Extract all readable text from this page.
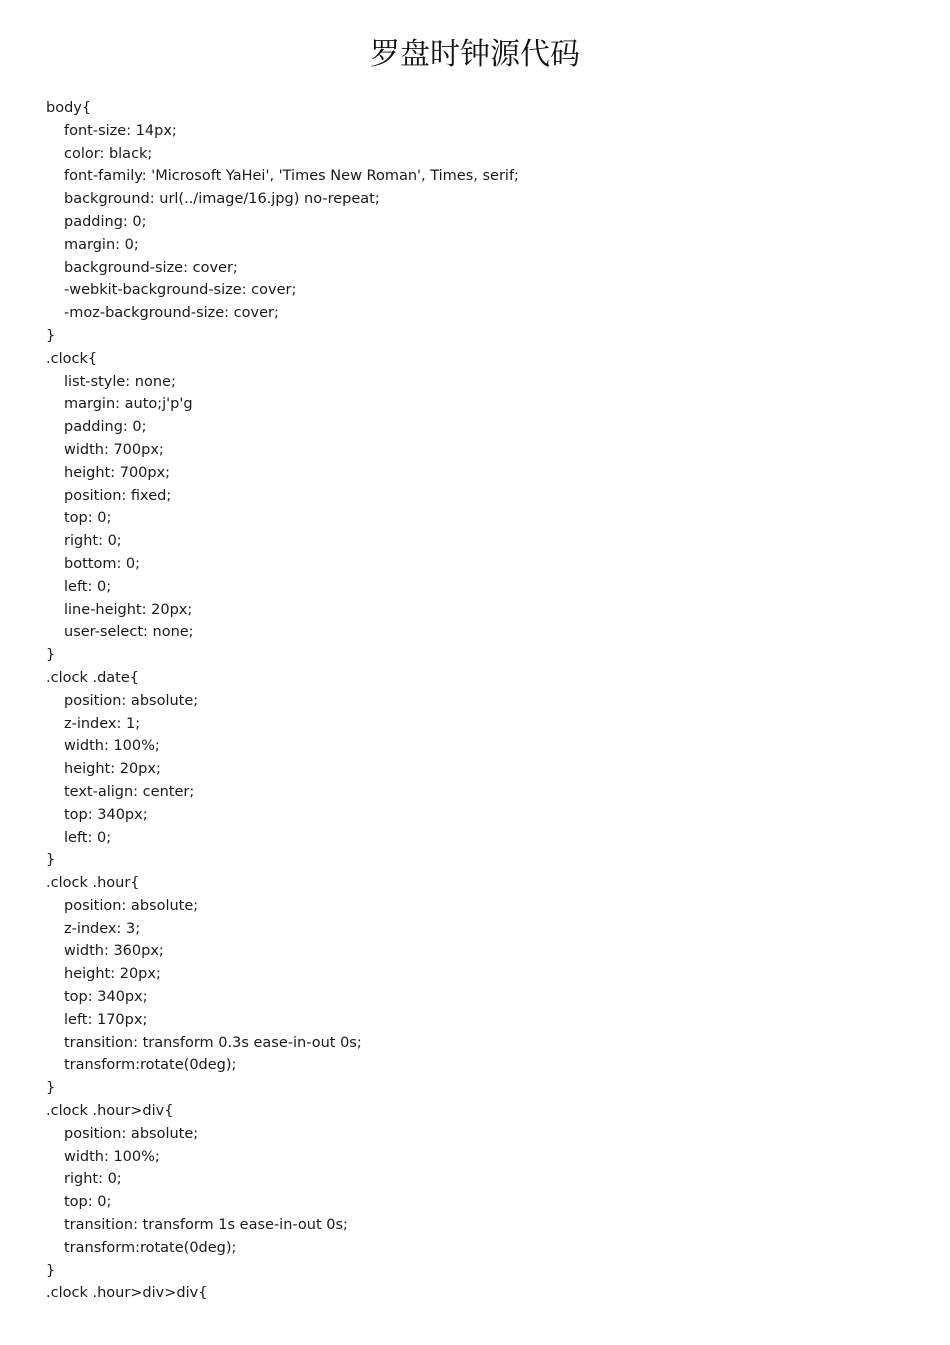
罗盘时钟源代码
body{
font-size: 14px;
color: black;
font-family: 'Microsoft YaHei', 'Times New Roman', Times, serif;
background: url(../image/16.jpg) no-repeat;
padding: 0;
margin: 0;
background-size: cover;
-webkit-background-size: cover;
-moz-background-size: cover;
}
.clock{
list-style: none;
margin: auto;j'p'g
padding: 0;
width: 700px;
height: 700px;
position: fixed;
top: 0;
right: 0;
bottom: 0;
left: 0;
line-height: 20px;
user-select: none;
}
.clock .date{
position: absolute;
z-index: 1;
width: 100%;
height: 20px;
text-align: center;
top: 340px;
left: 0;
}
.clock .hour{
position: absolute;
z-index: 3;
width: 360px;
height: 20px;
top: 340px;
left: 170px;
transition: transform 0.3s ease-in-out 0s;
transform:rotate(0deg);
}
.clock .hour>div{
position: absolute;
width: 100%;
right: 0;
top: 0;
transition: transform 1s ease-in-out 0s;
transform:rotate(0deg);
}
.clock .hour>div>div{
